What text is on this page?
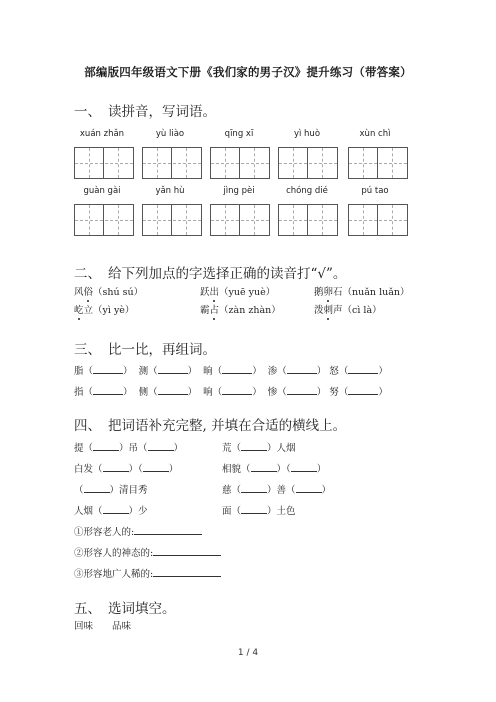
部编版四年级语文下册《我们家的男子汉》提升练习（带答案）
一、 读拼音，写词语。
xuán zhǎn	yù liào	qīng xī	yì huò	xùn chì
guàn gài	yǎn hù	jìng pèi	chóng dié	pú tao
二、 给下列加点的字选择正确的读音打“√”。
风俗（shú sú）	跃出（yuē yuè）	鹅卵石（nuǎn luǎn）
屹立（yì yè）	霸占（zàn zhàn）	泼刺声（cì là）
三、 比一比，再组词。
脂（	）  测（	）  晌（	）  渗（	） 怒（	）
指（	）  侧（	）  响（	）  惨（	） 努（	）
四、 把词语补充完整, 并填在合适的横线上。
提（	）吊（	）	荒（	）人烟
白发（	）（	）	相貌（	）（	）
（	）清目秀	慈（	）善（	）
人烟（	）少	面（	）土色
①形容老人的:
②形容人的神态的:
③形容地广人稀的:
五、 选词填空。
回味　　品味
1 / 4
